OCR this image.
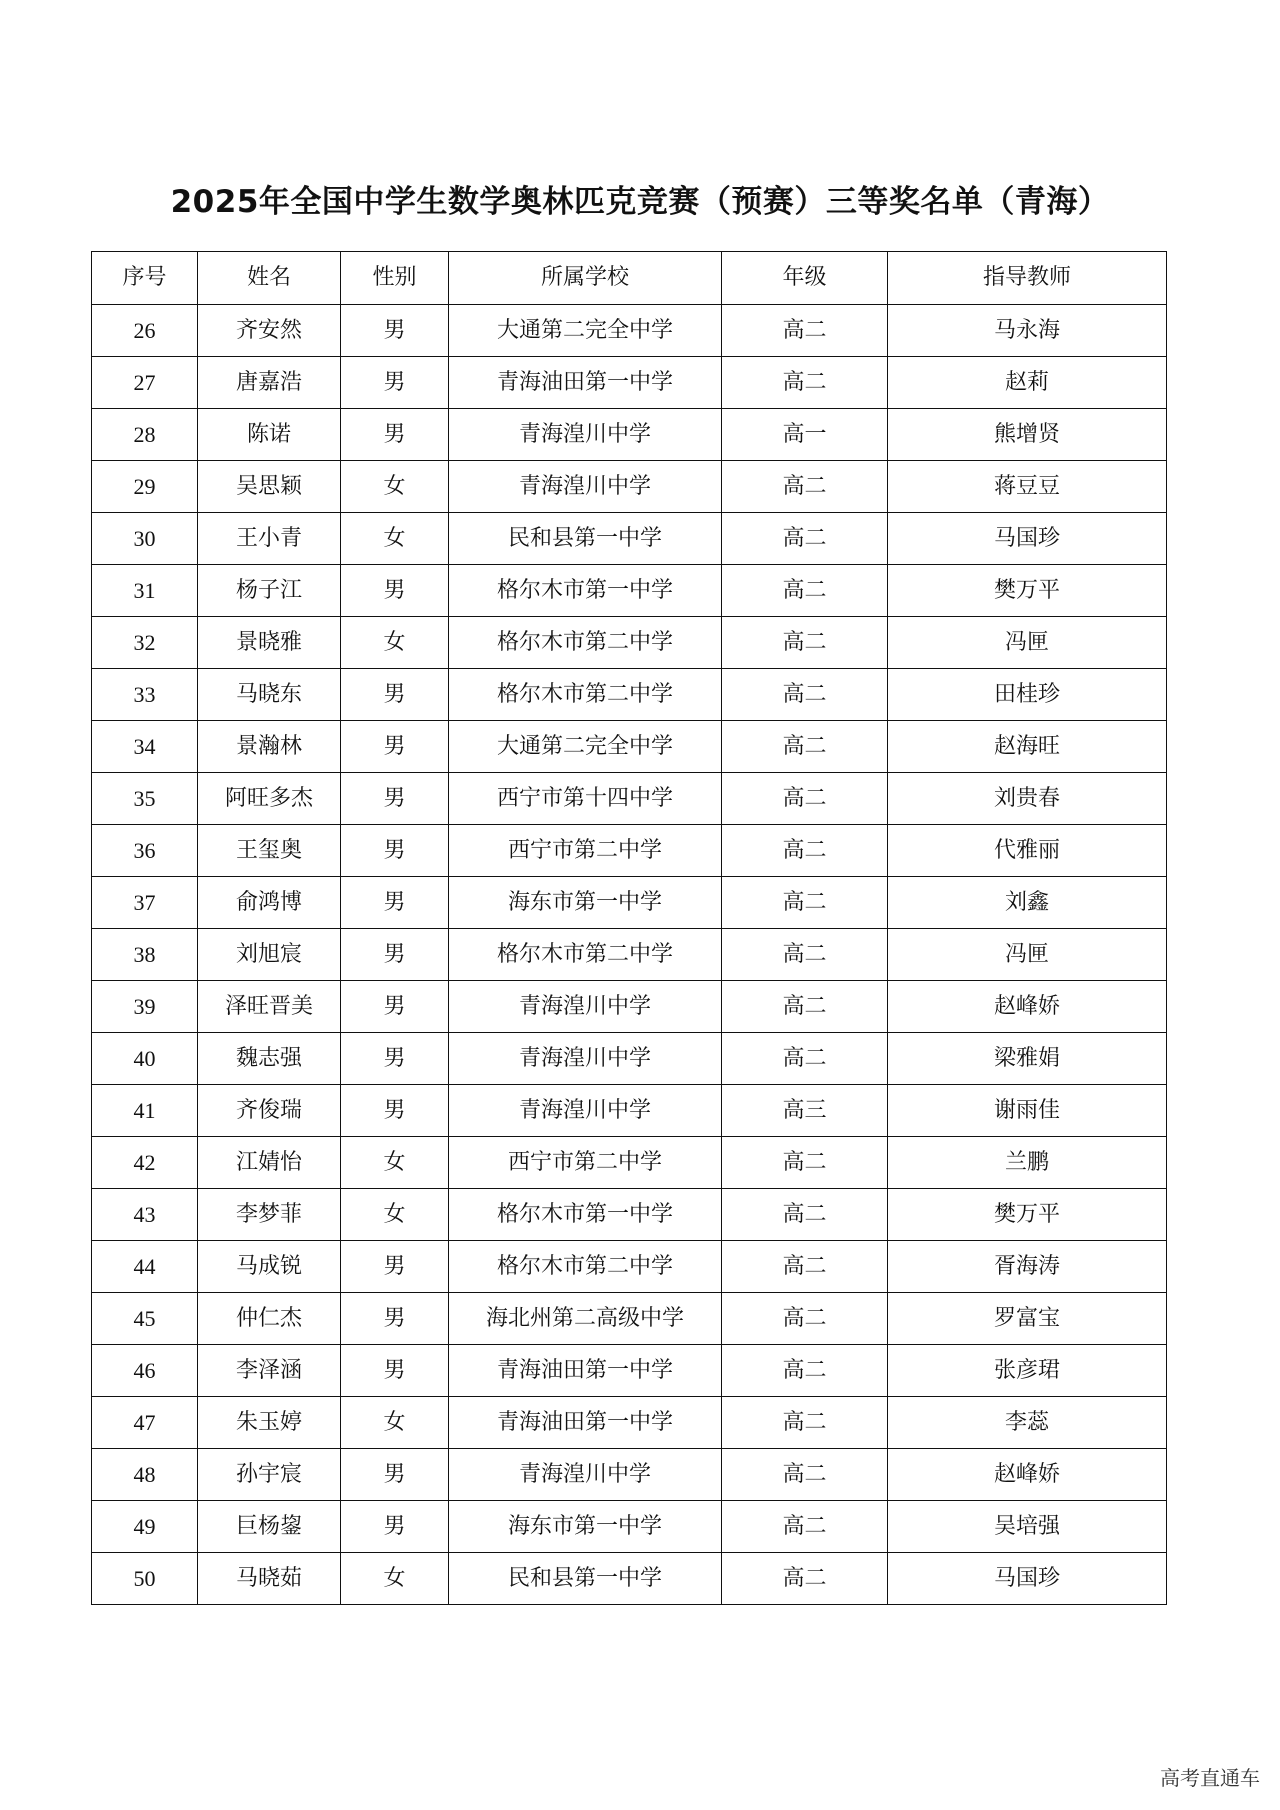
2025年全国中学生数学奥林匹克竞赛（预赛）三等奖名单（青海）
序号	姓名	性别	所属学校	年级	指导教师
26	齐安然	男	大通第二完全中学	高二	马永海
27	唐嘉浩	男	青海油田第一中学	高二	赵莉
28	陈诺	男	青海湟川中学	高一	熊增贤
29	吴思颖	女	青海湟川中学	高二	蒋豆豆
30	王小青	女	民和县第一中学	高二	马国珍
31	杨子江	男	格尔木市第一中学	高二	樊万平
32	景晓雅	女	格尔木市第二中学	高二	冯匣
33	马晓东	男	格尔木市第二中学	高二	田桂珍
34	景瀚林	男	大通第二完全中学	高二	赵海旺
35	阿旺多杰	男	西宁市第十四中学	高二	刘贵春
36	王玺奥	男	西宁市第二中学	高二	代雅丽
37	俞鸿博	男	海东市第一中学	高二	刘鑫
38	刘旭宸	男	格尔木市第二中学	高二	冯匣
39	泽旺晋美	男	青海湟川中学	高二	赵峰娇
40	魏志强	男	青海湟川中学	高二	梁雅娟
41	齐俊瑞	男	青海湟川中学	高三	谢雨佳
42	江婧怡	女	西宁市第二中学	高二	兰鹏
43	李梦菲	女	格尔木市第一中学	高二	樊万平
44	马成锐	男	格尔木市第二中学	高二	胥海涛
45	仲仁杰	男	海北州第二高级中学	高二	罗富宝
46	李泽涵	男	青海油田第一中学	高二	张彦珺
47	朱玉婷	女	青海油田第一中学	高二	李蕊
48	孙宇宸	男	青海湟川中学	高二	赵峰娇
49	巨杨鋆	男	海东市第一中学	高二	吴培强
50	马晓茹	女	民和县第一中学	高二	马国珍
高考直通车
